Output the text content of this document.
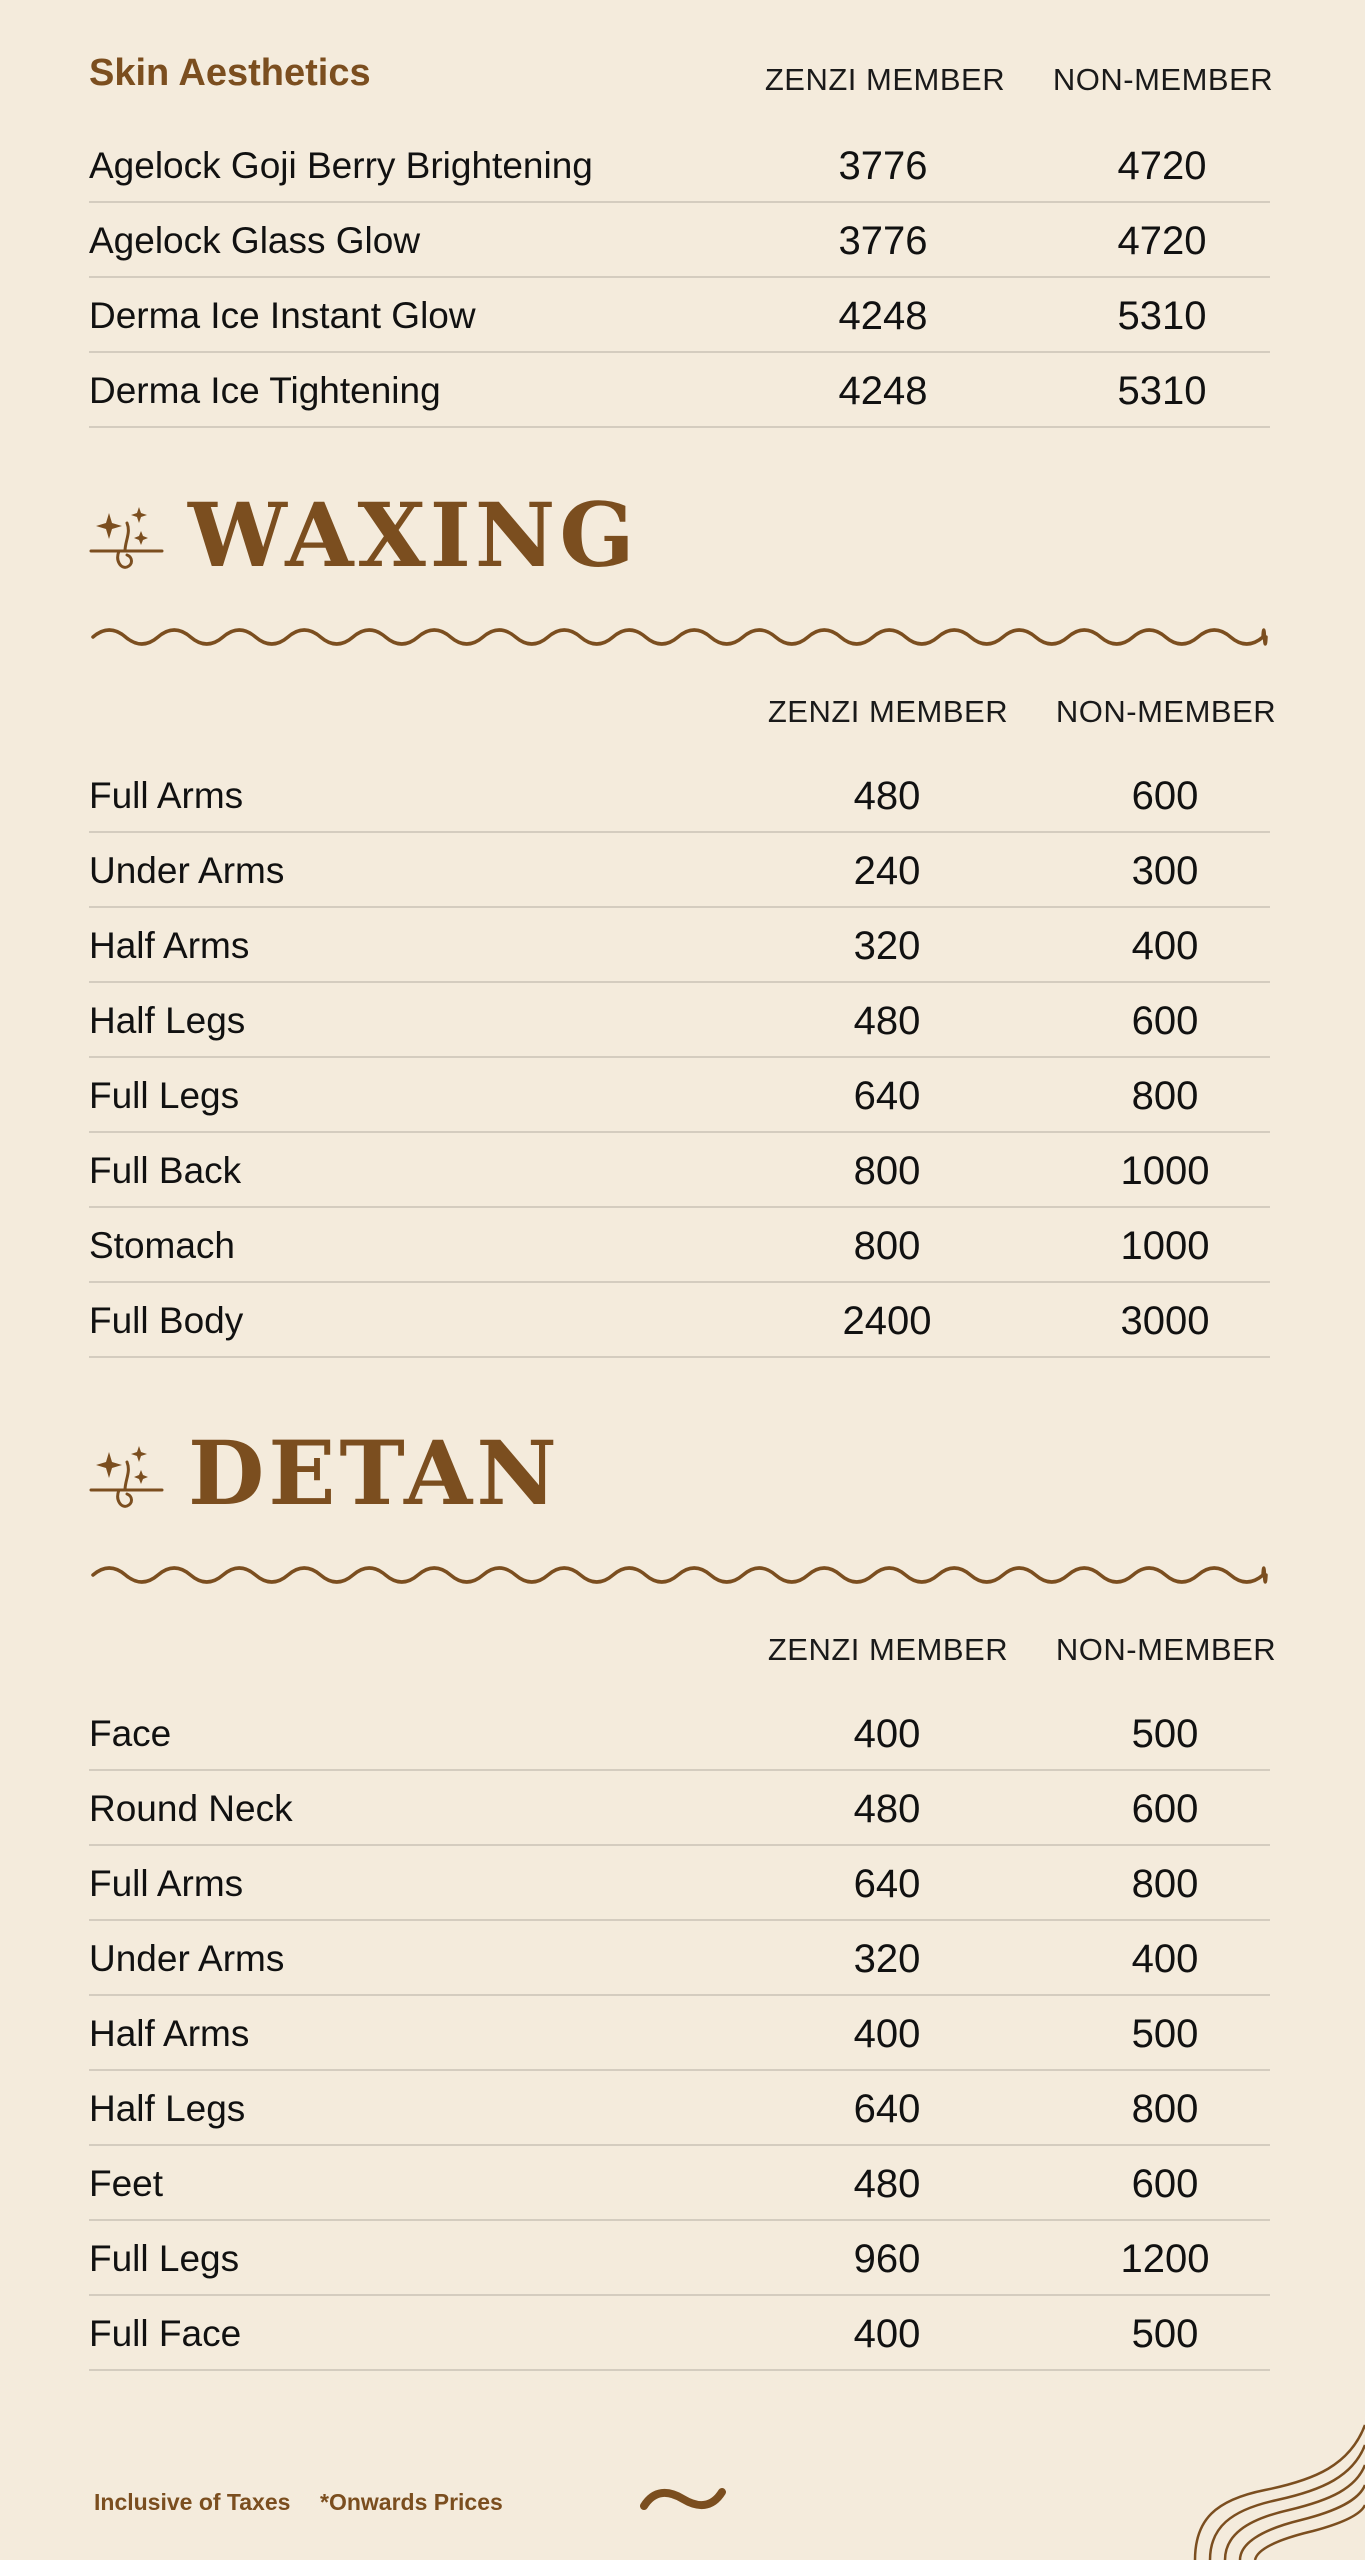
Skin Aesthetics	ZENZI MEMBER	NON-MEMBER
Agelock Goji Berry Brightening	3776	4720
Agelock Glass Glow	3776	4720
Derma Ice Instant Glow	4248	5310
Derma Ice Tightening	4248	5310
WAXING
ZENZI MEMBER	NON-MEMBER
Full Arms	480	600
Under Arms	240	300
Half Arms	320	400
Half Legs	480	600
Full Legs	640	800
Full Back	800	1000
Stomach	800	1000
Full Body	2400	3000
DETAN
ZENZI MEMBER	NON-MEMBER
Face	400	500
Round Neck	480	600
Full Arms	640	800
Under Arms	320	400
Half Arms	400	500
Half Legs	640	800
Feet	480	600
Full Legs	960	1200
Full Face	400	500
Inclusive of Taxes *Onwards Prices
